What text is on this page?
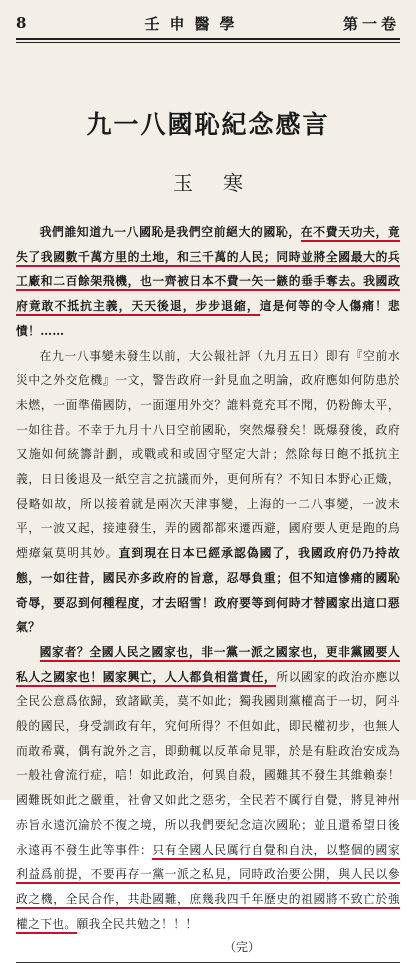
8	壬申醫學	第一卷
九一八國恥紀念感言
玉寒

我們誰知道九一八國恥是我們空前絕大的國恥，在不費天功夫，竟失了我國數千萬方里的土地，和三千萬的人民；同時並將全國最大的兵工廠和二百餘架飛機，也一齊被日本不費一矢一鏃的垂手奪去。我國政府竟敢不抵抗主義，天天後退，步步退縮，這是何等的令人傷痛！悲憤！……

在九一八事變未發生以前，大公報社評（九月五日）即有『空前水災中之外交危機』一文，警告政府一針見血之明論，政府應如何防患於未燃，一面準備國防，一面運用外交？誰料竟充耳不聞，仍粉飾太平，一如往昔。不幸于九月十八日空前國恥，突然爆發矣！既爆發後，政府又施如何統籌計劃，或戰或和或固守堅定大計；然除每日飽不抵抗主義，日日後退及一紙空言之抗議而外，更何所有？不知日本野心正熾，侵略如故，所以接着就是兩次天津事變，上海的一二八事變，一波未平，一波又起，接連發生，弄的國都都來遷西避，國府要人更是跑的烏煙瘴氣莫明其妙。直到現在日本已經承認偽國了，我國政府仍乃持故態，一如往昔，國民亦多政府的旨意，忍辱負重；但不知這慘痛的國恥奇辱，要忍到何種程度，才去昭雪！政府要等到何時才替國家出這口惡氣？

國家者？全國人民之國家也，非一黨一派之國家也，更非黨國要人私人之國家也！國家興亡，人人都負相當責任，所以國家的政治亦應以全民公意爲依歸，致諸歐美，莫不如此；獨我國則黨權高于一切，阿斗般的國民，身受訓政有年，究何所得？不但如此，即民權初步，也無人而敢希冀，偶有說外之言，即動輒以反革命見罪，於是有駐政治安成為一般社會流行症，唁！如此政治，何異自殺，國難其不發生其維賴泰！國難既如此之嚴重，社會又如此之惡劣，全民若不厲行自覺，將見神州赤旨永遠沉淪於不復之境，所以我們要紀念這次國恥；並且還希望日後永遠再不發生此等事件：只有全國人民厲行自覺和自決，以整個的國家利益爲前提，不要再存一黨一派之私見，同時政治要公開，與人民以參政之機，全民合作，共赴國難，庶幾我四千年歷史的祖國將不致亡於強權之下也。願我全民共勉之！！！

（完）
